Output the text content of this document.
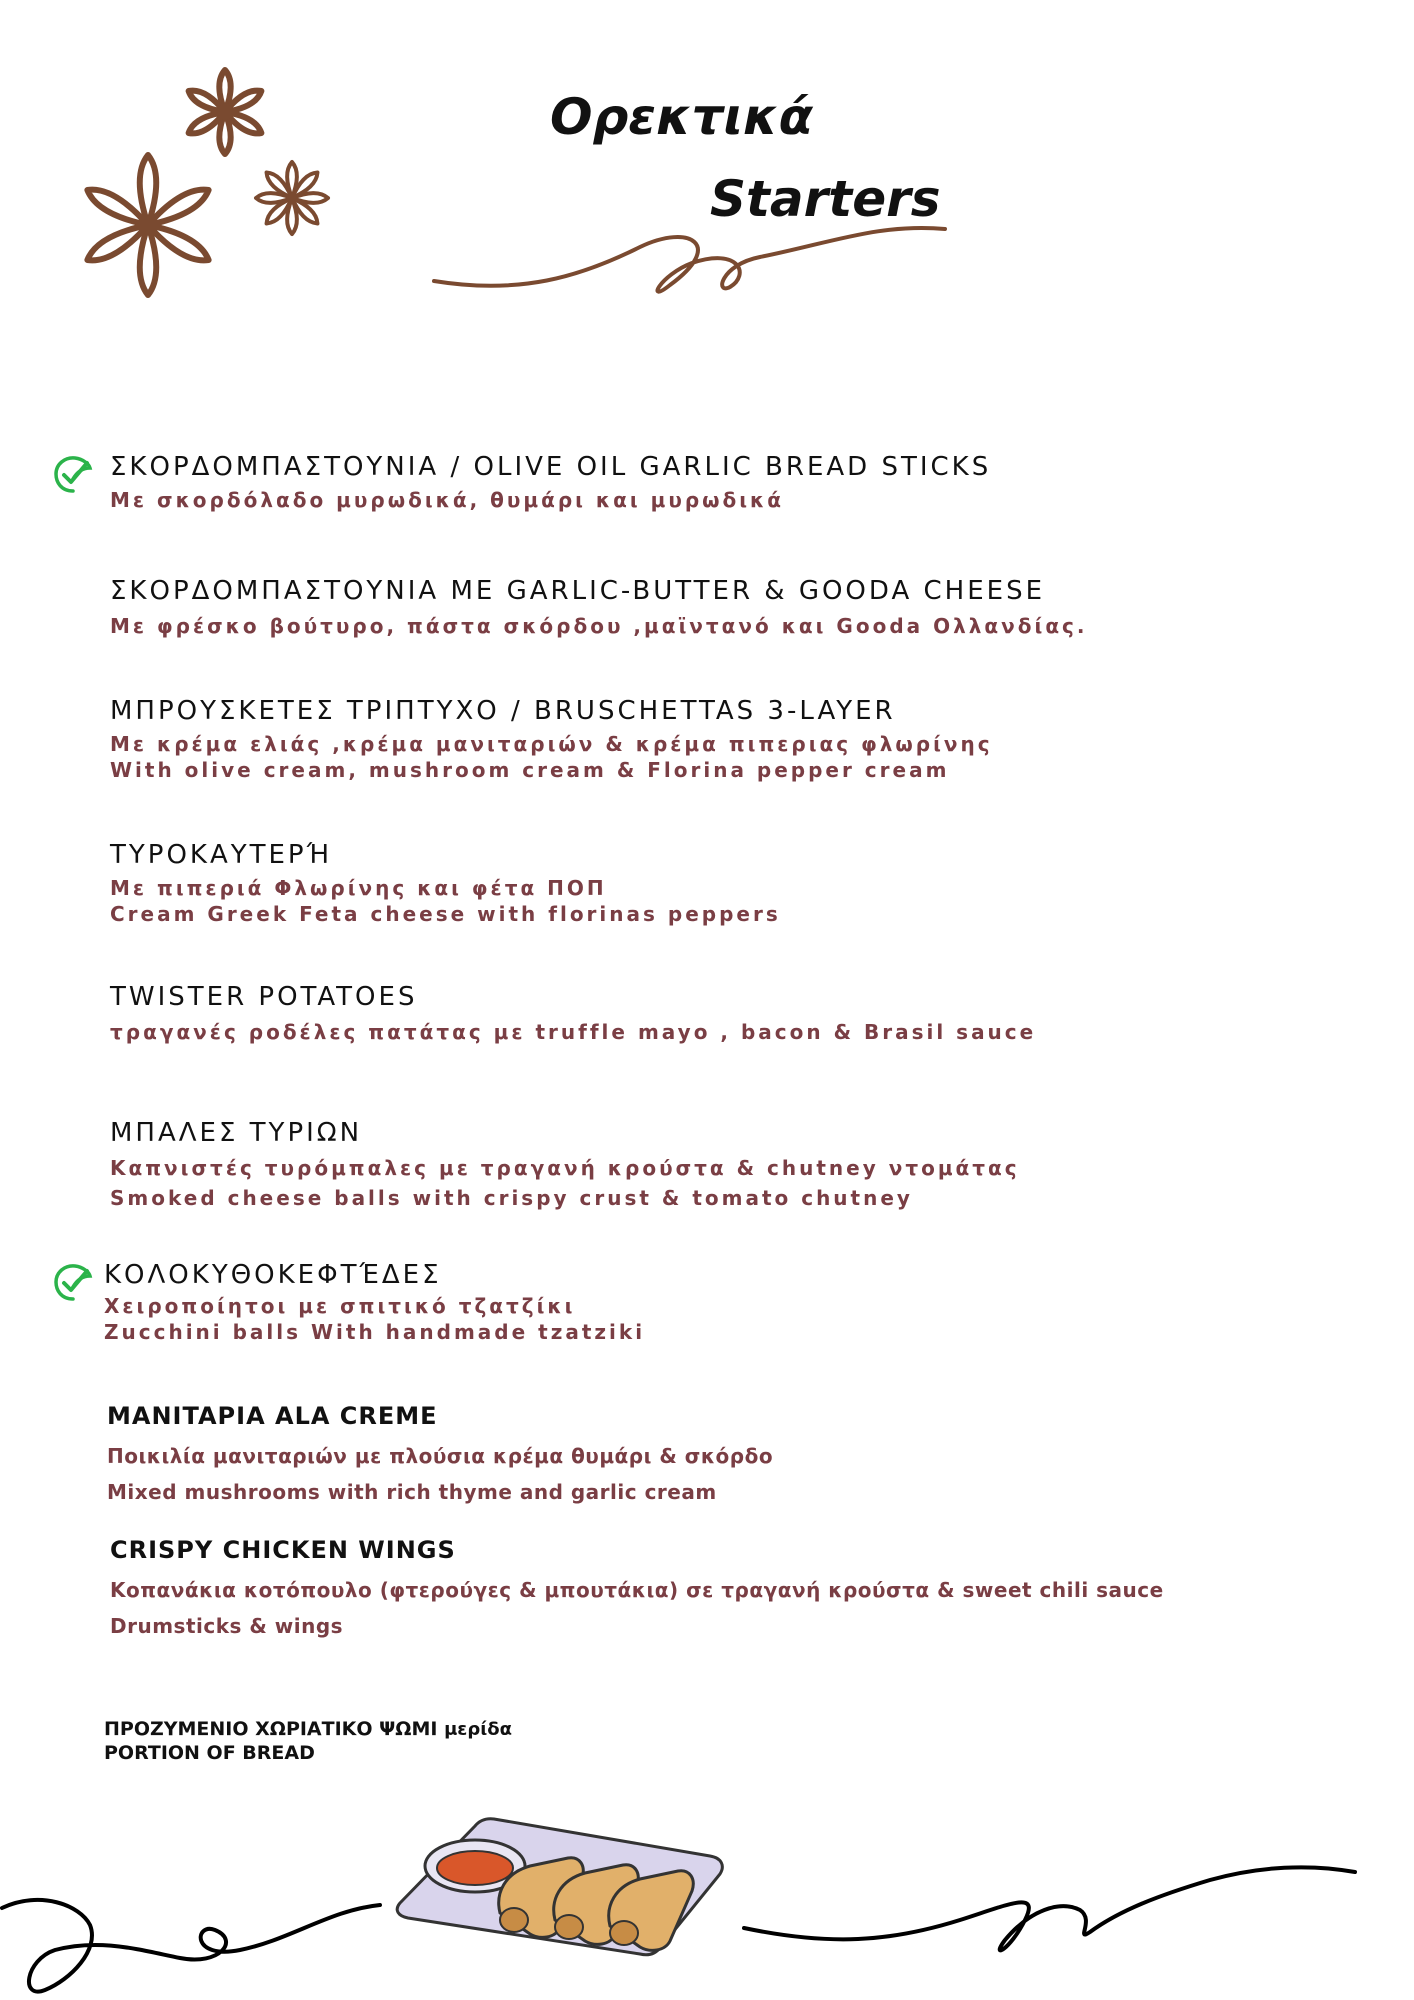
Ορεκτικά
Starters
ΣΚΟΡΔΟΜΠΑΣΤΟΥΝΙΑ / OLIVE OIL GARLIC BREAD STICKS

Με σκορδόλαδο μυρωδικά, θυμάρι και μυρωδικά

ΣΚΟΡΔΟΜΠΑΣΤΟΥΝΙΑ ΜΕ GARLIC-BUTTER & GOODA CHEESE

Με φρέσκο βούτυρο, πάστα σκόρδου ,μαϊντανό και Gooda Ολλανδίας.

ΜΠΡΟΥΣΚΕΤΕΣ ΤΡΙΠΤΥΧΟ / BRUSCHETTAS 3-LAYER

Με κρέμα ελιάς ,κρέμα μανιταριών & κρέμα πιπεριας φλωρίνης

With olive cream, mushroom cream & Florina pepper cream

ΤΥΡΟΚΑΥΤΕΡΉ

Με πιπεριά Φλωρίνης και φέτα ΠΟΠ

Cream Greek Feta cheese with florinas peppers

TWISTER POTATOES

τραγανές ροδέλες πατάτας με truffle mayo , bacon & Brasil sauce

ΜΠΑΛΕΣ ΤΥΡΙΩΝ

Καπνιστές τυρόμπαλες με τραγανή κρούστα & chutney ντομάτας

Smoked cheese balls with crispy crust & tomato chutney

ΚΟΛΟΚΥΘΟΚΕΦΤΈΔΕΣ

Χειροποίητοι με σπιτικό τζατζίκι

Zucchini balls With handmade tzatziki

MANITAPIA ALA CREME

Ποικιλία μανιταριών με πλούσια κρέμα θυμάρι & σκόρδο

Mixed mushrooms with rich thyme and garlic cream

CRISPY CHICKEN WINGS

Κοπανάκια κοτόπουλο (φτερούγες & μπουτάκια) σε τραγανή κρούστα & sweet chili sauce

Drumsticks & wings

ΠΡΟΖΥΜΕΝΙΟ ΧΩΡΙΑΤΙΚΟ ΨΩΜΙ μερίδα

PORTION OF BREAD
